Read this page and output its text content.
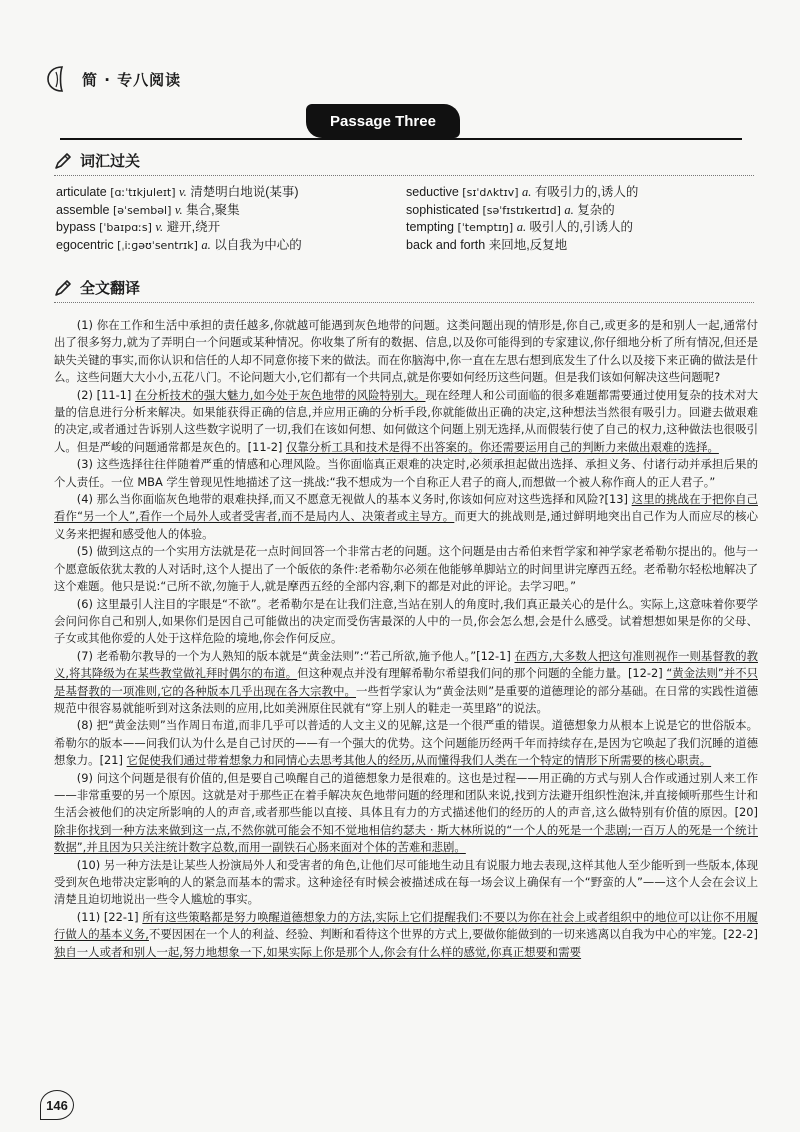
简 · 专八阅读
Passage Three
词汇过关
articulate [ɑːˈtɪkjuleɪt] v. 清楚明白地说(某事)
assemble [əˈsembəl] v. 集合,聚集
bypass [ˈbaɪpɑːs] v. 避开,绕开
egocentric [ˌiːɡəʊˈsentrɪk] a. 以自我为中心的
seductive [sɪˈdʌktɪv] a. 有吸引力的,诱人的
sophisticated [səˈfɪstɪkeɪtɪd] a. 复杂的
tempting [ˈtemptɪŋ] a. 吸引人的,引诱人的
back and forth 来回地,反复地
全文翻译

(1) 你在工作和生活中承担的责任越多,你就越可能遇到灰色地带的问题。这类问题出现的情形是,你自己,或更多的是和别人一起,通常付出了很多努力,就为了弄明白一个问题或某种情况。你收集了所有的数据、信息,以及你可能得到的专家建议,你仔细地分析了所有情况,但还是缺失关键的事实,而你认识和信任的人却不同意你接下来的做法。而在你脑海中,你一直在左思右想到底发生了什么以及接下来正确的做法是什么。这些问题大大小小,五花八门。不论问题大小,它们都有一个共同点,就是你要如何经历这些问题。但是我们该如何解决这些问题呢?

(2) [11-1] 在分析技术的强大魅力,如今处于灰色地带的风险特别大。现在经理人和公司面临的很多难题都需要通过使用复杂的技术对大量的信息进行分析来解决。如果能获得正确的信息,并应用正确的分析手段,你就能做出正确的决定,这种想法当然很有吸引力。回避去做艰难的决定,或者通过告诉别人这些数字说明了一切,我们在该如何想、如何做这个问题上别无选择,从而假装行使了自己的权力,这种做法也很吸引人。但是严峻的问题通常都是灰色的。[11-2] 仅靠分析工具和技术是得不出答案的。你还需要运用自己的判断力来做出艰难的选择。

(3) 这些选择往往伴随着严重的情感和心理风险。当你面临真正艰难的决定时,必须承担起做出选择、承担义务、付诸行动并承担后果的个人责任。一位 MBA 学生曾现见性地描述了这一挑战:“我不想成为一个自称正人君子的商人,而想做一个被人称作商人的正人君子。”

(4) 那么当你面临灰色地带的艰难抉择,而又不愿意无视做人的基本义务时,你该如何应对这些选择和风险?[13] 这里的挑战在于把你自己看作“另一个人”,看作一个局外人或者受害者,而不是局内人、决策者或主导方。而更大的挑战则是,通过鲜明地突出自己作为人而应尽的核心义务来把握和感受他人的体验。

(5) 做到这点的一个实用方法就是花一点时间回答一个非常古老的问题。这个问题是由古希伯来哲学家和神学家老希勒尔提出的。他与一个愿意皈依犹太教的人对话时,这个人提出了一个皈依的条件:老希勒尔必须在他能够单脚站立的时间里讲完摩西五经。老希勒尔轻松地解决了这个难题。他只是说:“己所不欲,勿施于人,就是摩西五经的全部内容,剩下的都是对此的评论。去学习吧。”

(6) 这里最引人注目的字眼是“不欲”。老希勒尔是在让我们注意,当站在别人的角度时,我们真正最关心的是什么。实际上,这意味着你要学会问问你自己和别人,如果你们是因自己可能做出的决定而受伤害最深的人中的一员,你会怎么想,会是什么感受。试着想想如果是你的父母、子女或其他你爱的人处于这样危险的境地,你会作何反应。

(7) 老希勒尔教导的一个为人熟知的版本就是“黄金法则”:“若己所欲,施予他人。”[12-1] 在西方,大多数人把这句准则视作一则基督教的教义,将其降级为在某些教堂做礼拜时偶尔的布道。但这种观点并没有理解希勒尔希望我们问的那个问题的全能力量。[12-2] “黄金法则”并不只是基督教的一项准则,它的各种版本几乎出现在各大宗教中。一些哲学家认为“黄金法则”是重要的道德理论的部分基础。在日常的实践性道德规范中很容易就能听到对这条法则的应用,比如美洲原住民就有“穿上别人的鞋走一英里路”的说法。

(8) 把“黄金法则”当作周日布道,而非几乎可以普适的人文主义的见解,这是一个很严重的错误。道德想象力从根本上说是它的世俗版本。希勒尔的版本——问我们认为什么是自己讨厌的——有一个强大的优势。这个问题能历经两千年而持续存在,是因为它唤起了我们沉睡的道德想象力。[21] 它促使我们通过带着想象力和同情心去思考其他人的经历,从而懂得我们人类在一个特定的情形下所需要的核心职责。

(9) 问这个问题是很有价值的,但是要自己唤醒自己的道德想象力是很难的。这也是过程——用正确的方式与别人合作或通过别人来工作——非常重要的另一个原因。这就是对于那些正在着手解决灰色地带问题的经理和团队来说,找到方法避开组织性泡沫,并直接倾听那些生计和生活会被他们的决定所影响的人的声音,或者那些能以直接、具体且有力的方式描述他们的经历的人的声音,这么做特别有价值的原因。[20] 除非你找到一种方法来做到这一点,不然你就可能会不知不觉地相信约瑟夫 · 斯大林所说的“一个人的死是一个悲剧;一百万人的死是一个统计数据”,并且因为只关注统计数字总数,而用一副铁石心肠来面对个体的苦难和悲剧。

(10) 另一种方法是让某些人扮演局外人和受害者的角色,让他们尽可能地生动且有说服力地去表现,这样其他人至少能听到一些版本,体现受到灰色地带决定影响的人的紧急而基本的需求。这种途径有时候会被描述成在每一场会议上确保有一个“野蛮的人”——这个人会在会议上清楚且迫切地说出一些令人尴尬的事实。

(11) [22-1] 所有这些策略都是努力唤醒道德想象力的方法,实际上它们提醒我们:不要以为你在社会上或者组织中的地位可以让你不用履行做人的基本义务,不要因困在一个人的利益、经验、判断和看待这个世界的方式上,要做你能做到的一切来逃离以自我为中心的牢笼。[22-2] 独自一人或者和别人一起,努力地想象一下,如果实际上你是那个人,你会有什么样的感觉,你真正想要和需要

146
